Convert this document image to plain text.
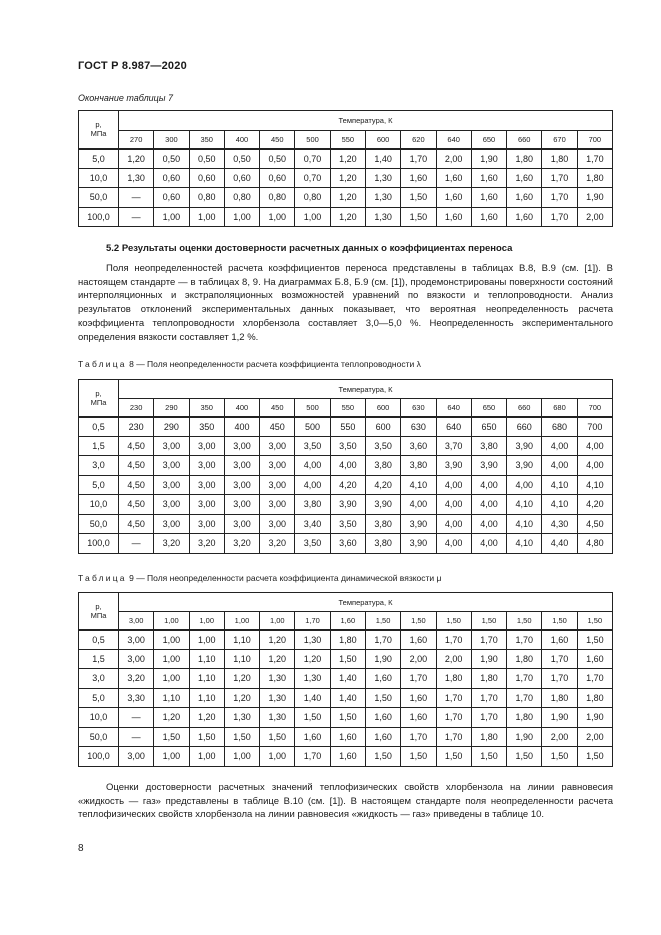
ГОСТ Р 8.987—2020
Окончание таблицы 7
p,
МПа	Температура, К													
	270	300	350	400	450	500	550	600	620	640	650	660	670	700
5,0	1,20	0,50	0,50	0,50	0,50	0,70	1,20	1,40	1,70	2,00	1,90	1,80	1,80	1,70
10,0	1,30	0,60	0,60	0,60	0,60	0,70	1,20	1,30	1,60	1,60	1,60	1,60	1,70	1,80
50,0	—	0,60	0,80	0,80	0,80	0,80	1,20	1,30	1,50	1,60	1,60	1,60	1,70	1,90
100,0	—	1,00	1,00	1,00	1,00	1,00	1,20	1,30	1,50	1,60	1,60	1,60	1,70	2,00
5.2 Результаты оценки достоверности расчетных данных о коэффициентах переноса

Поля неопределенностей расчета коэффициентов переноса представлены в таблицах В.8, В.9 (см. [1]). В настоящем стандарте — в таблицах 8, 9. На диаграммах Б.8, Б.9 (см. [1]), продемонстрированы поверхности состояний интерполяционных и экстраполяционных возможностей уравнений по вязкости и теплопроводности. Анализ результатов отклонений экспериментальных данных показывает, что вероятная неопределенность расчета коэффициента теплопроводности хлорбензола составляет 3,0—5,0 %. Неопределенность экспериментального определения вязкости составляет 1,2 %.

Таблица 8 — Поля неопределенности расчета коэффициента теплопроводности λ
p,
МПа	Температура, К													
	230	290	350	400	450	500	550	600	630	640	650	660	680	700
0,5	230	290	350	400	450	500	550	600	630	640	650	660	680	700
1,5	4,50	3,00	3,00	3,00	3,00	3,50	3,50	3,50	3,60	3,70	3,80	3,90	4,00	4,00
3,0	4,50	3,00	3,00	3,00	3,00	4,00	4,00	3,80	3,80	3,90	3,90	3,90	4,00	4,00
5,0	4,50	3,00	3,00	3,00	3,00	4,00	4,20	4,20	4,10	4,00	4,00	4,00	4,10	4,10
10,0	4,50	3,00	3,00	3,00	3,00	3,80	3,90	3,90	4,00	4,00	4,00	4,10	4,10	4,20
50,0	4,50	3,00	3,00	3,00	3,00	3,40	3,50	3,80	3,90	4,00	4,00	4,10	4,30	4,50
100,0	—	3,20	3,20	3,20	3,20	3,50	3,60	3,80	3,90	4,00	4,00	4,10	4,40	4,80
Таблица 9 — Поля неопределенности расчета коэффициента динамической вязкости μ
p,
МПа	Температура, К													
	3,00	1,00	1,00	1,00	1,00	1,70	1,60	1,50	1,50	1,50	1,50	1,50	1,50	1,50
0,5	3,00	1,00	1,00	1,10	1,20	1,30	1,80	1,70	1,60	1,70	1,70	1,70	1,60	1,50
1,5	3,00	1,00	1,10	1,10	1,20	1,20	1,50	1,90	2,00	2,00	1,90	1,80	1,70	1,60
3,0	3,20	1,00	1,10	1,20	1,30	1,30	1,40	1,60	1,70	1,80	1,80	1,70	1,70	1,70
5,0	3,30	1,10	1,10	1,20	1,30	1,40	1,40	1,50	1,60	1,70	1,70	1,70	1,80	1,80
10,0	—	1,20	1,20	1,30	1,30	1,50	1,50	1,60	1,60	1,70	1,70	1,80	1,90	1,90
50,0	—	1,50	1,50	1,50	1,50	1,60	1,60	1,60	1,70	1,70	1,80	1,90	2,00	2,00
100,0	3,00	1,00	1,00	1,00	1,00	1,70	1,60	1,50	1,50	1,50	1,50	1,50	1,50	1,50

Оценки достоверности расчетных значений теплофизических свойств хлорбензола на линии равновесия «жидкость — газ» представлены в таблице В.10 (см. [1]). В настоящем стандарте поля неопределенности расчета теплофизических свойств хлорбензола на линии равновесия «жидкость — газ» приведены в таблице 10.

8
